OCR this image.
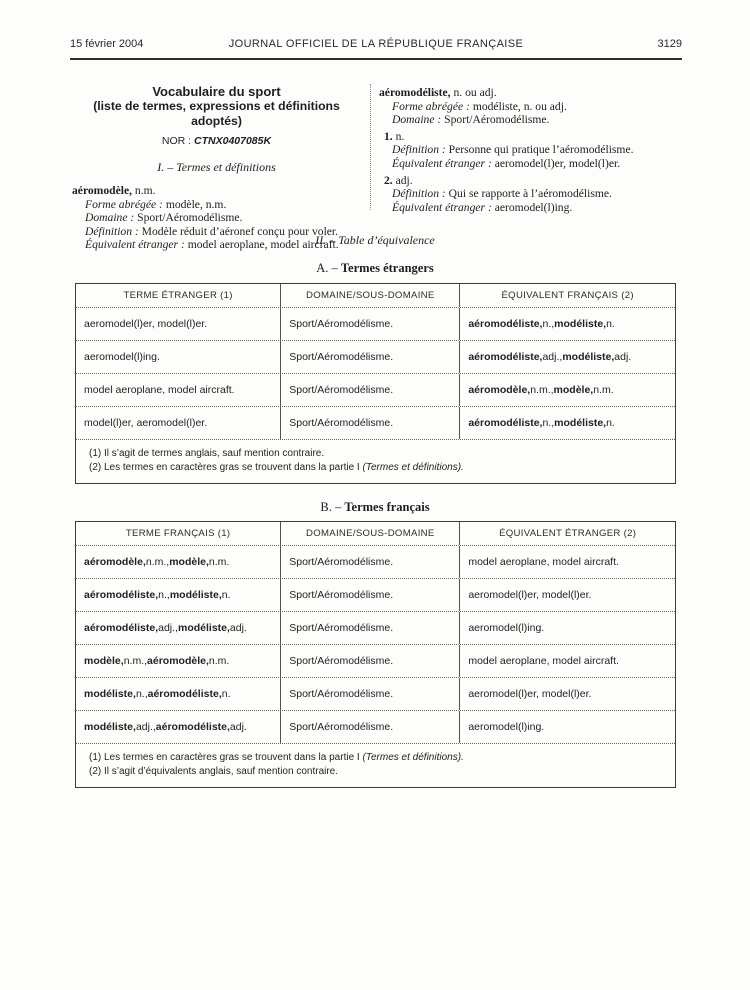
15 février 2004	JOURNAL OFFICIEL DE LA RÉPUBLIQUE FRANÇAISE	3129
Vocabulaire du sport
(liste de termes, expressions et définitions adoptés)
NOR : CTNX0407085K
I. – Termes et définitions
aéromodèle, n.m.
Forme abrégée : modèle, n.m.
Domaine : Sport/Aéromodélisme.
Définition : Modèle réduit d’aéronef conçu pour voler.
Équivalent étranger : model aeroplane, model aircraft.
aéromodéliste, n. ou adj.
Forme abrégée : modéliste, n. ou adj.
Domaine : Sport/Aéromodélisme.
1. n.
Définition : Personne qui pratique l’aéromodélisme.
Équivalent étranger : aeromodel(l)er, model(l)er.
2. adj.
Définition : Qui se rapporte à l’aéromodélisme.
Équivalent étranger : aeromodel(l)ing.
II. – Table d’équivalence
A. – Termes étrangers
TERME ÉTRANGER (1)	DOMAINE/SOUS-DOMAINE	ÉQUIVALENT FRANÇAIS (2)
aeromodel(l)er, model(l)er.	Sport/Aéromodélisme.	aéromodéliste, n., modéliste, n.
aeromodel(l)ing.	Sport/Aéromodélisme.	aéromodéliste, adj., modéliste, adj.
model aeroplane, model aircraft.	Sport/Aéromodélisme.	aéromodèle, n.m., modèle, n.m.
model(l)er, aeromodel(l)er.	Sport/Aéromodélisme.	aéromodéliste, n., modéliste, n.
(1) Il s’agit de termes anglais, sauf mention contraire.
(2) Les termes en caractères gras se trouvent dans la partie I (Termes et définitions).
B. – Termes français
TERME FRANÇAIS (1)	DOMAINE/SOUS-DOMAINE	ÉQUIVALENT ÉTRANGER (2)
aéromodèle, n.m., modèle, n.m.	Sport/Aéromodélisme.	model aeroplane, model aircraft.
aéromodéliste, n., modéliste, n.	Sport/Aéromodélisme.	aeromodel(l)er, model(l)er.
aéromodéliste, adj., modéliste, adj.	Sport/Aéromodélisme.	aeromodel(l)ing.
modèle, n.m., aéromodèle, n.m.	Sport/Aéromodélisme.	model aeroplane, model aircraft.
modéliste, n., aéromodéliste, n.	Sport/Aéromodélisme.	aeromodel(l)er, model(l)er.
modéliste, adj., aéromodéliste, adj.	Sport/Aéromodélisme.	aeromodel(l)ing.
(1) Les termes en caractères gras se trouvent dans la partie I (Termes et définitions).
(2) Il s’agit d’équivalents anglais, sauf mention contraire.
